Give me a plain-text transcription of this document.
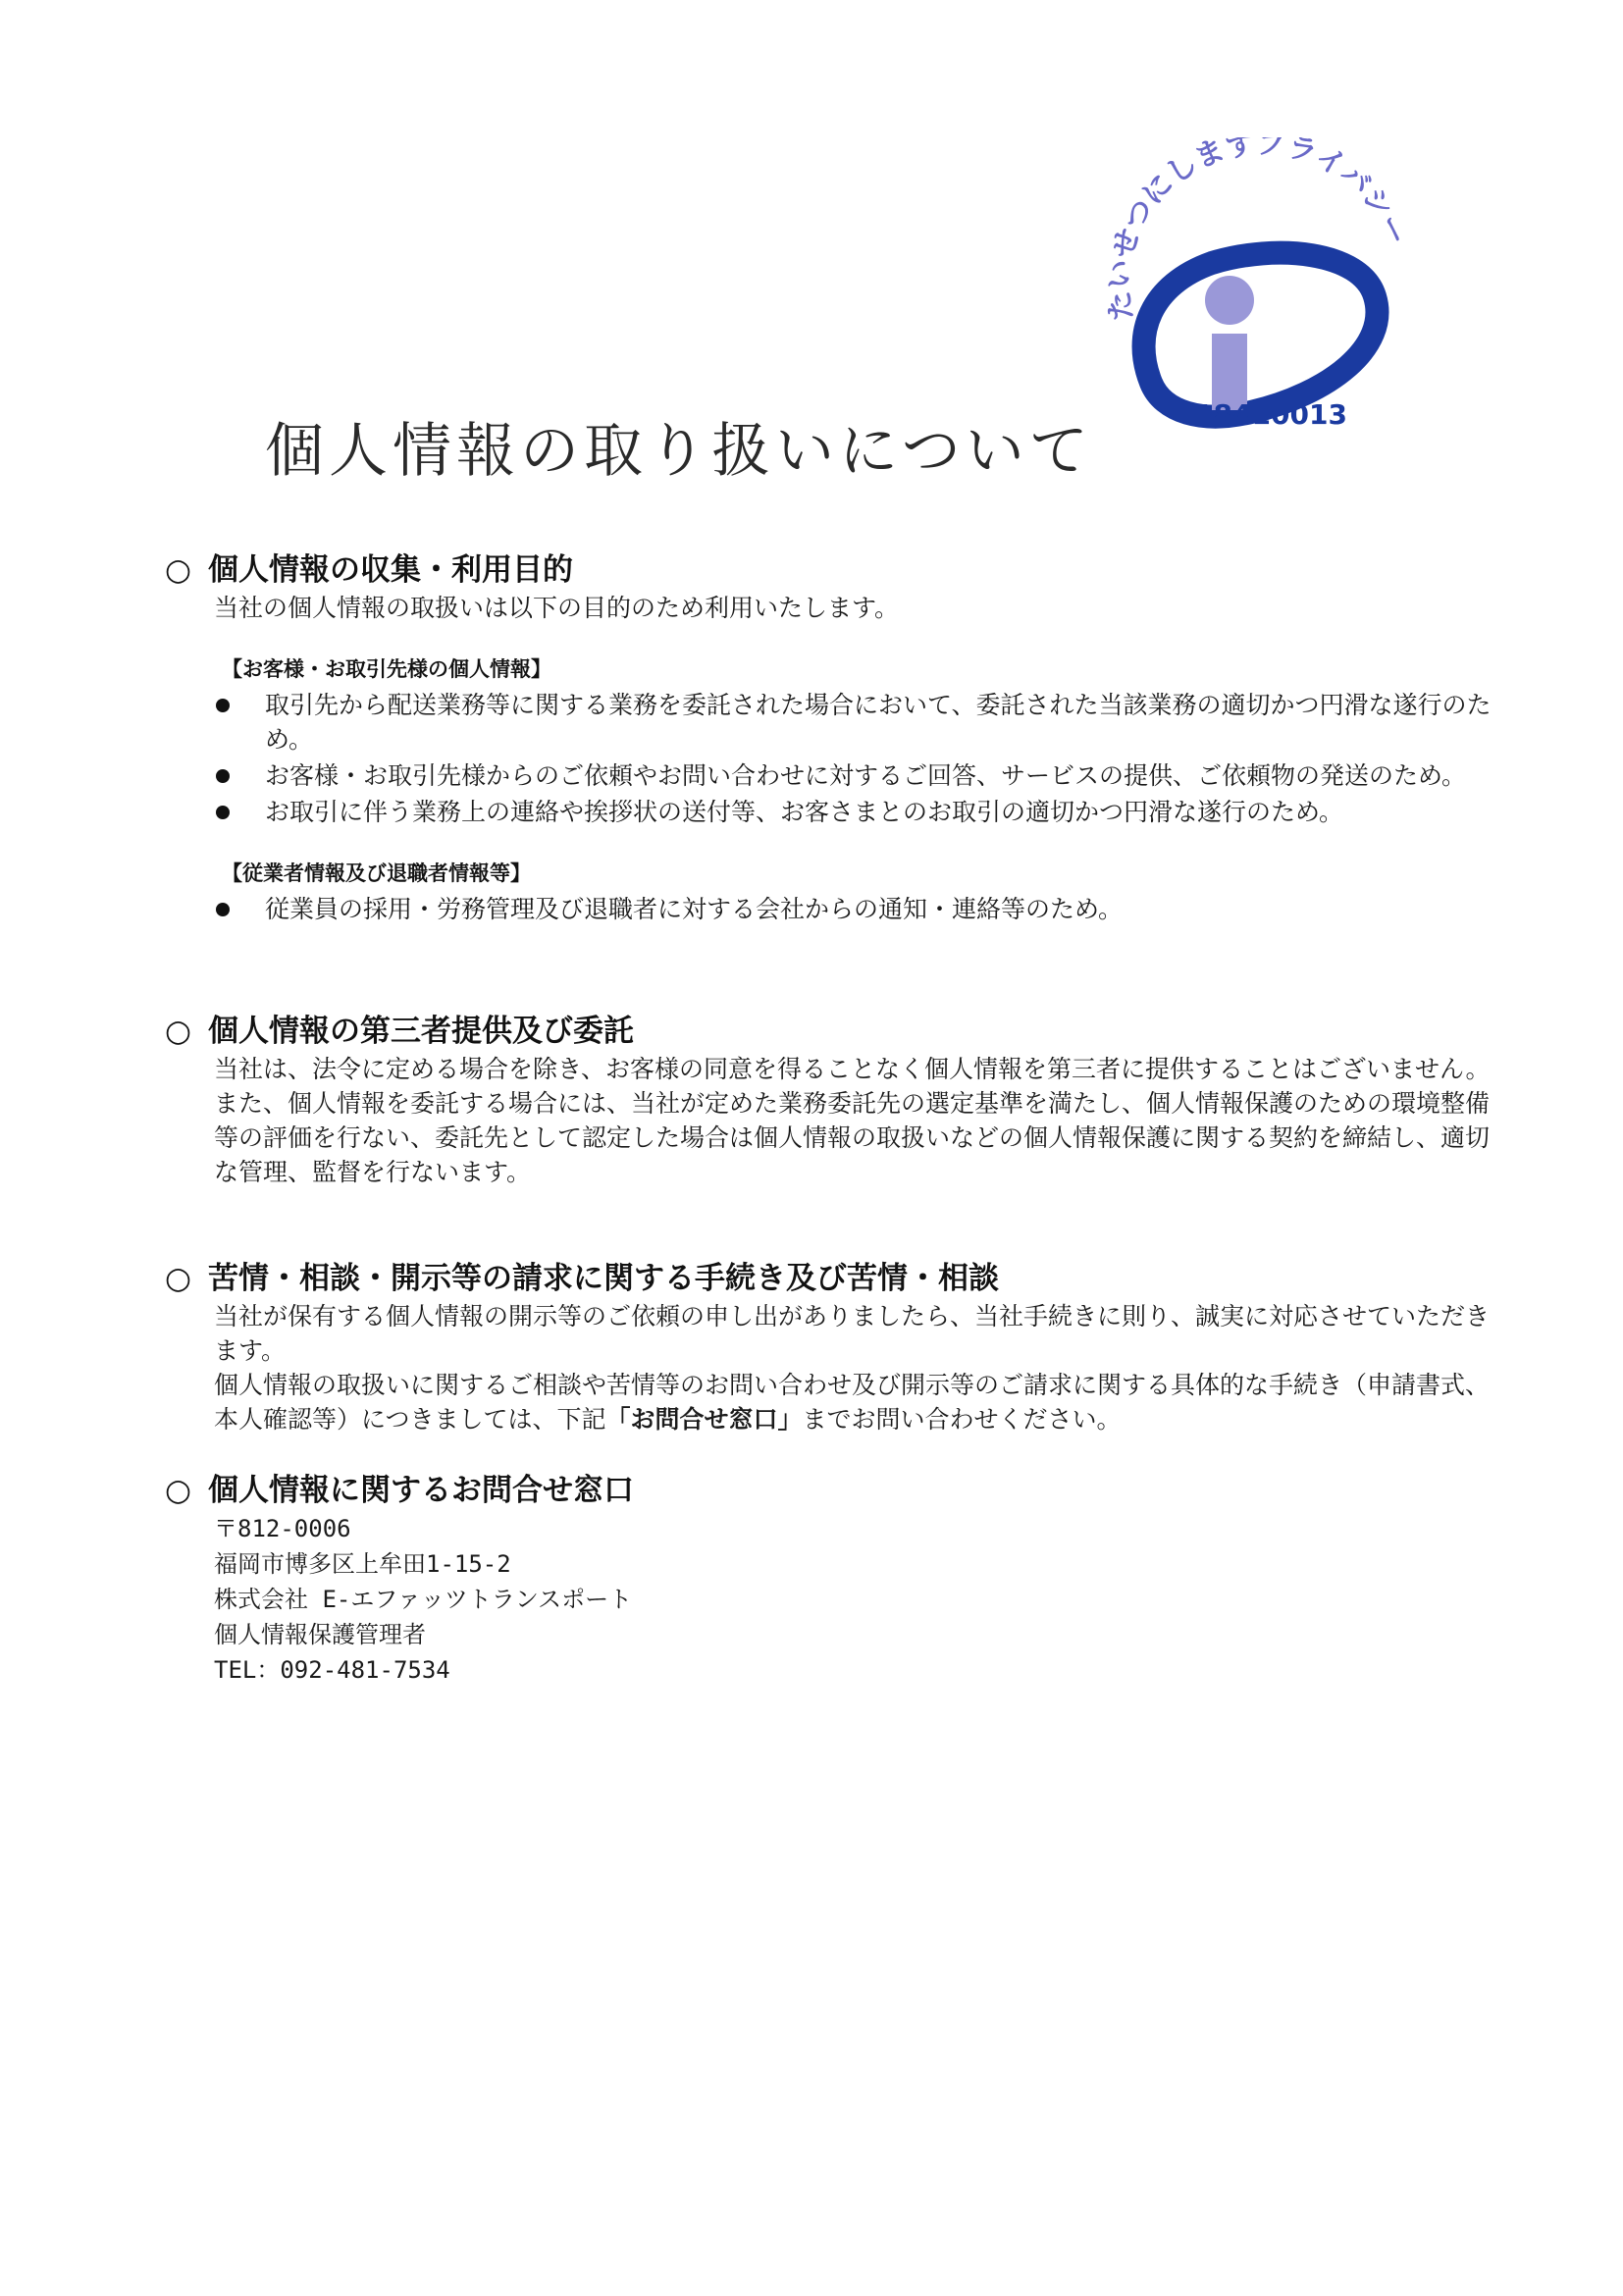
たいせつにしますプライバシー
18410013
個人情報の取り扱いについて
○ 個人情報の収集・利用目的

当社の個人情報の取扱いは以下の目的のため利用いたします。

【お客様・お取引先様の個人情報】
取引先から配送業務等に関する業務を委託された場合において、委託された当該業務の適切かつ円滑な遂行のため。
お客様・お取引先様からのご依頼やお問い合わせに対するご回答、サービスの提供、ご依頼物の発送のため。
お取引に伴う業務上の連絡や挨拶状の送付等、お客さまとのお取引の適切かつ円滑な遂行のため。
【従業者情報及び退職者情報等】
従業員の採用・労務管理及び退職者に対する会社からの通知・連絡等のため。
○ 個人情報の第三者提供及び委託

当社は、法令に定める場合を除き、お客様の同意を得ることなく個人情報を第三者に提供することはございません。

また、個人情報を委託する場合には、当社が定めた業務委託先の選定基準を満たし、個人情報保護のための環境整備等の評価を行ない、委託先として認定した場合は個人情報の取扱いなどの個人情報保護に関する契約を締結し、適切な管理、監督を行ないます。

○ 苦情・相談・開示等の請求に関する手続き及び苦情・相談

当社が保有する個人情報の開示等のご依頼の申し出がありましたら、当社手続きに則り、誠実に対応させていただきます。

個人情報の取扱いに関するご相談や苦情等のお問い合わせ及び開示等のご請求に関する具体的な手続き（申請書式、本人確認等）につきましては、下記「お問合せ窓口」までお問い合わせください。

○ 個人情報に関するお問合せ窓口

〒812-0006

福岡市博多区上牟田1-15-2

株式会社 E-エファッツトランスポート

個人情報保護管理者

TEL：092-481-7534
